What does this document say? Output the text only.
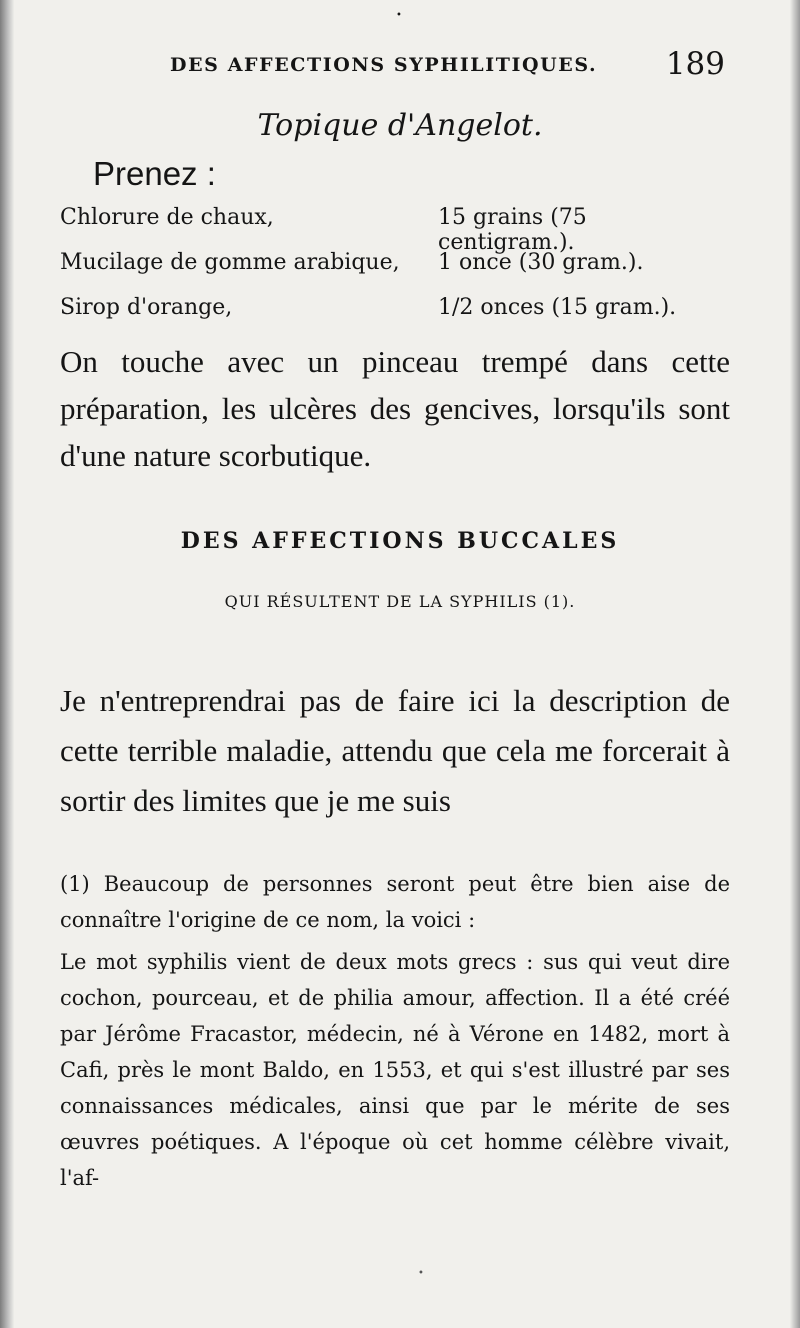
•
DES AFFECTIONS SYPHILITIQUES. 189
Topique d'Angelot.
Prenez :
Chlorure de chaux,	15 grains (75 centigram.).
Mucilage de gomme arabique, 1 once (30 gram.).
Sirop d'orange,	1/2 onces (15 gram.).
On touche avec un pinceau trempé dans cette préparation, les ulcères des gencives, lorsqu'ils sont d'une nature scorbutique.
DES AFFECTIONS BUCCALES
QUI RÉSULTENT DE LA SYPHILIS (1).
Je n'entreprendrai pas de faire ici la description de cette terrible maladie, attendu que cela me forcerait à sortir des limites que je me suis

(1) Beaucoup de personnes seront peut être bien aise de connaître l'origine de ce nom, la voici :

Le mot syphilis vient de deux mots grecs : sus qui veut dire cochon, pourceau, et de philia amour, affection. Il a été créé par Jérôme Fracastor, médecin, né à Vérone en 1482, mort à Cafi, près le mont Baldo, en 1553, et qui s'est illustré par ses connaissances médicales, ainsi que par le mérite de ses œuvres poétiques. A l'époque où cet homme célèbre vivait, l'af-

•
